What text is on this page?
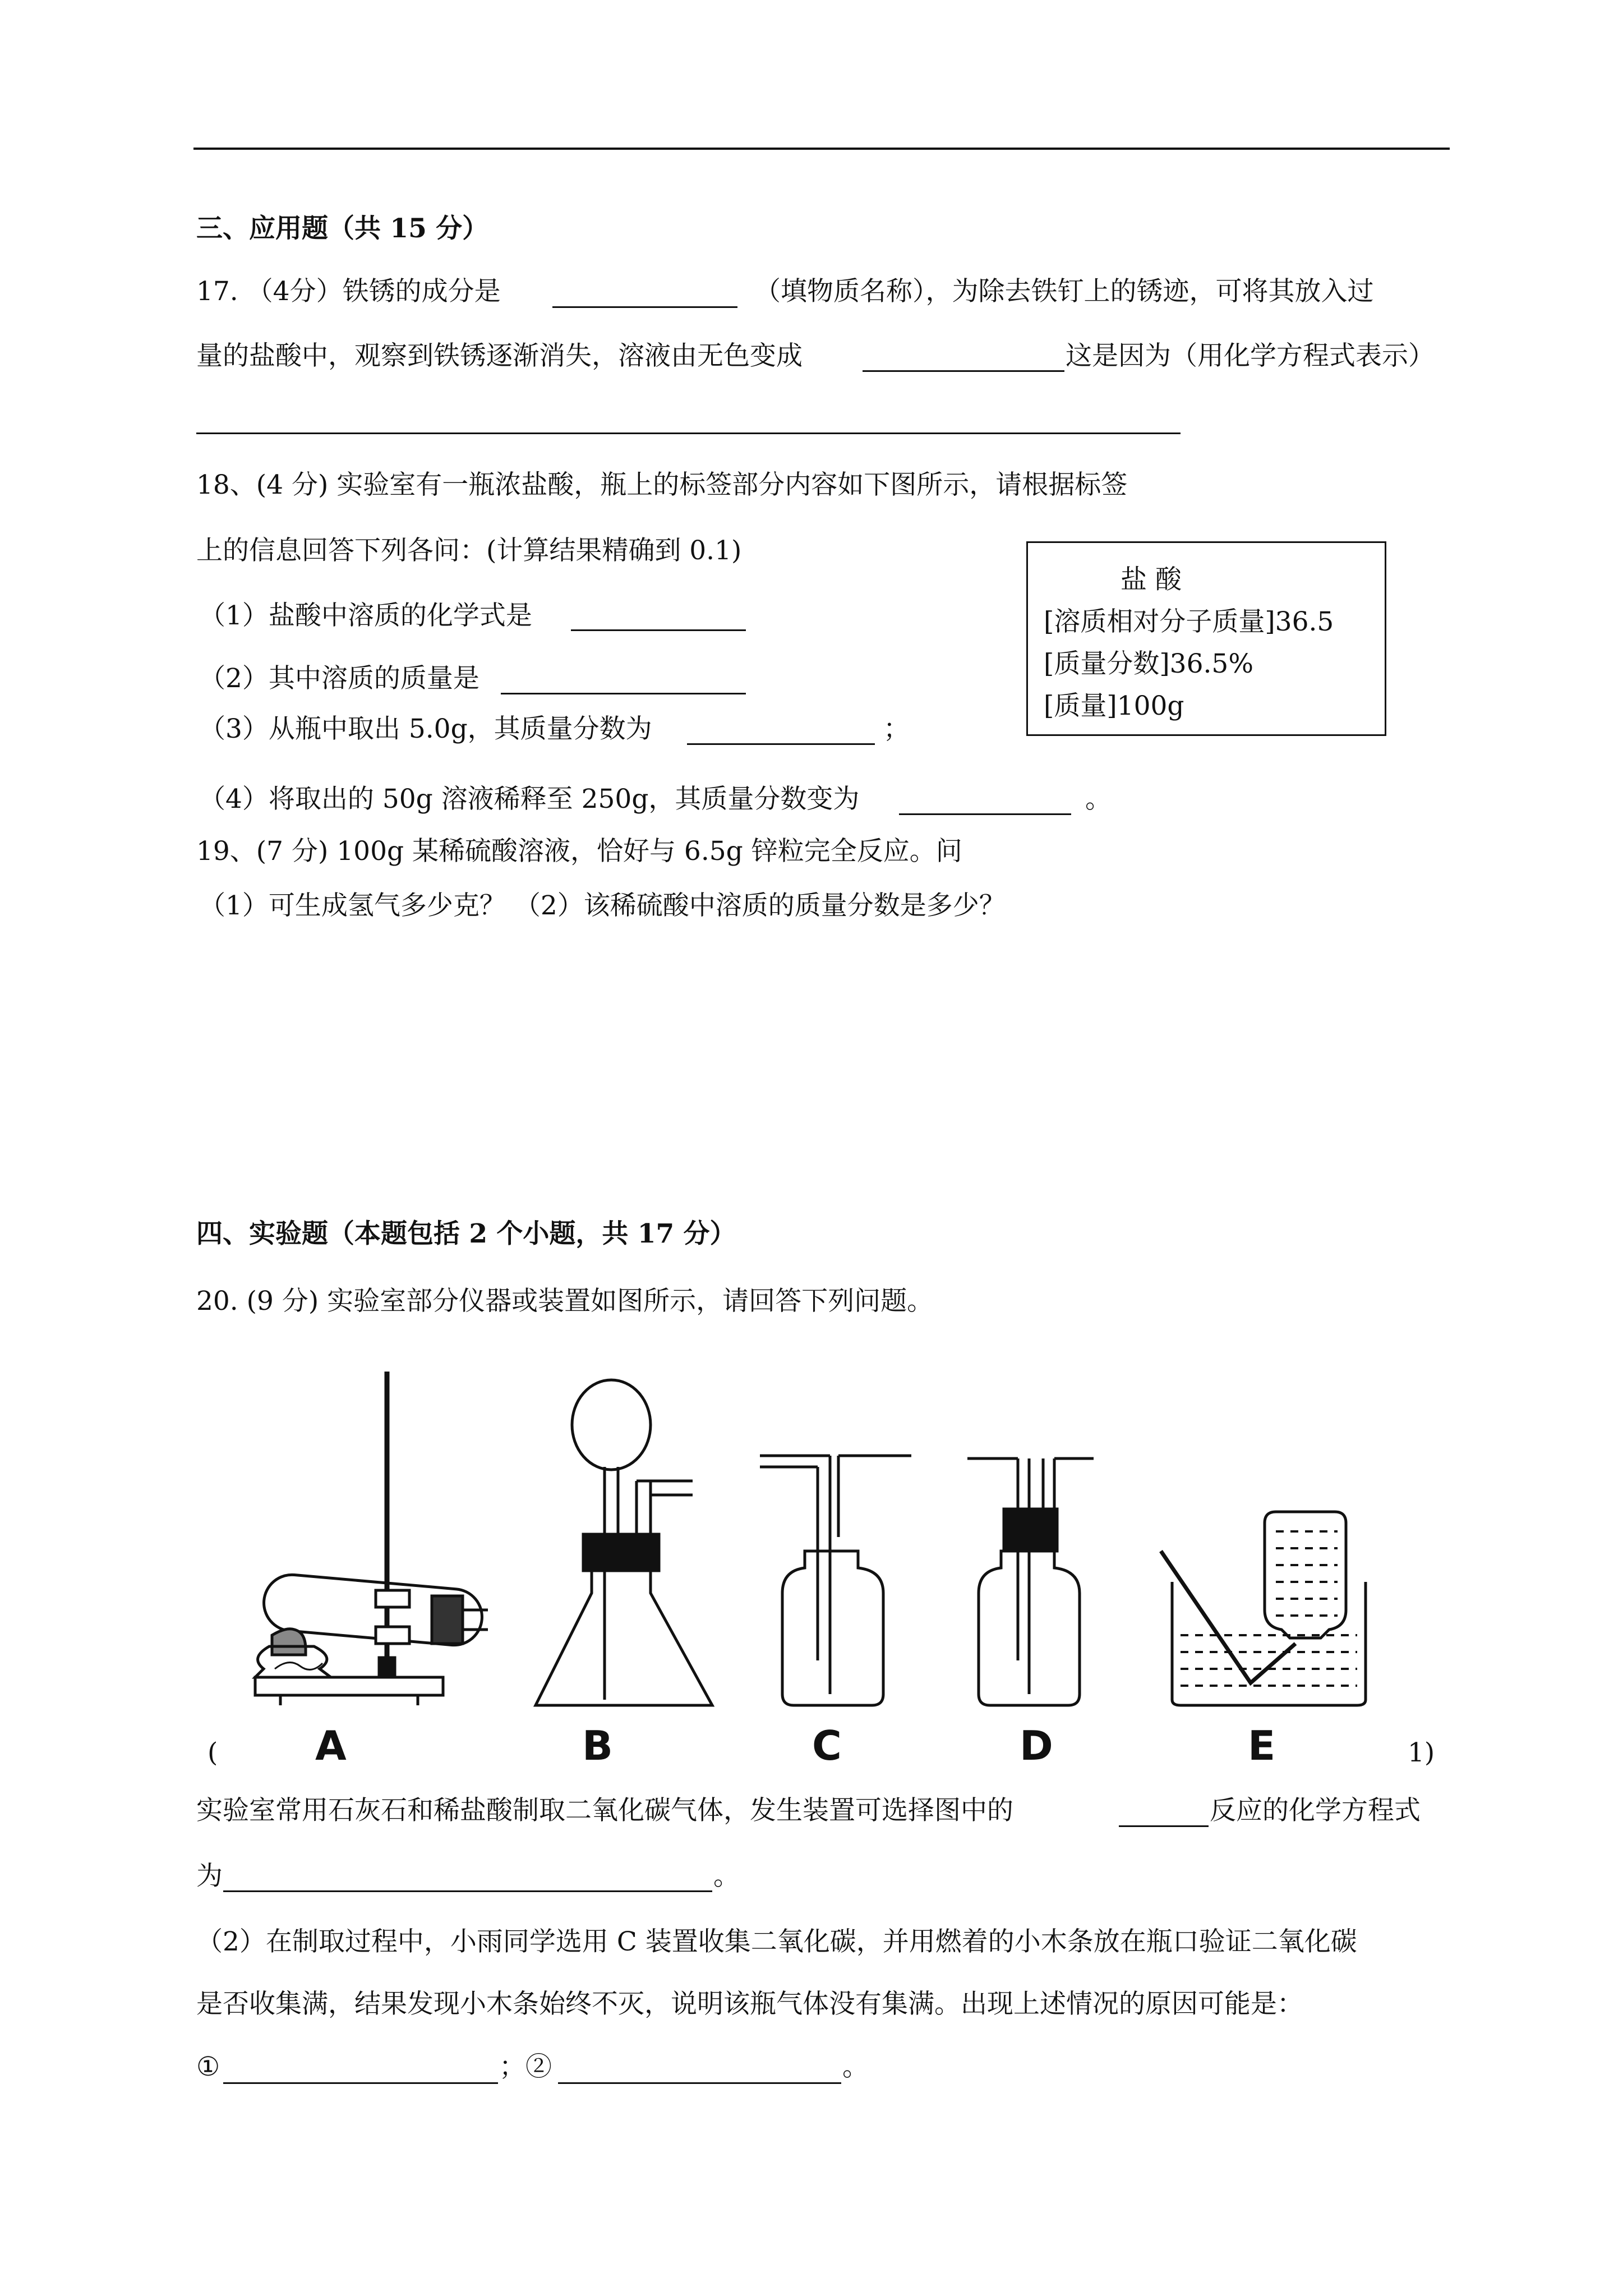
三、应用题（共 15 分）
17. （4分）铁锈的成分是	（填物质名称），为除去铁钉上的锈迹，可将其放入过
量的盐酸中，观察到铁锈逐渐消失，溶液由无色变成	这是因为（用化学方程式表示）
18、(4 分) 实验室有一瓶浓盐酸，瓶上的标签部分内容如下图所示，请根据标签
上的信息回答下列各问：(计算结果精确到 0.1)
（1）盐酸中溶质的化学式是
（2）其中溶质的质量是
（3）从瓶中取出 5.0g，其质量分数为	；
（4）将取出的 50g 溶液稀释至 250g，其质量分数变为	。
盐 酸
[溶质相对分子质量]36.5
[质量分数]36.5%
[质量]100g
19、(7 分) 100g 某稀硫酸溶液，恰好与 6.5g 锌粒完全反应。问
（1）可生成氢气多少克？ （2）该稀硫酸中溶质的质量分数是多少？
四、实验题（本题包括 2 个小题，共 17 分）
20. (9 分) 实验室部分仪器或装置如图所示，请回答下列问题。
( A	B	C	D	E	1)
实验室常用石灰石和稀盐酸制取二氧化碳气体，发生装置可选择图中的	反应的化学方程式
为	。
（2）在制取过程中，小雨同学选用 C 装置收集二氧化碳，并用燃着的小木条放在瓶口验证二氧化碳
是否收集满，结果发现小木条始终不灭，说明该瓶气体没有集满。出现上述情况的原因可能是：
①	；②	。
